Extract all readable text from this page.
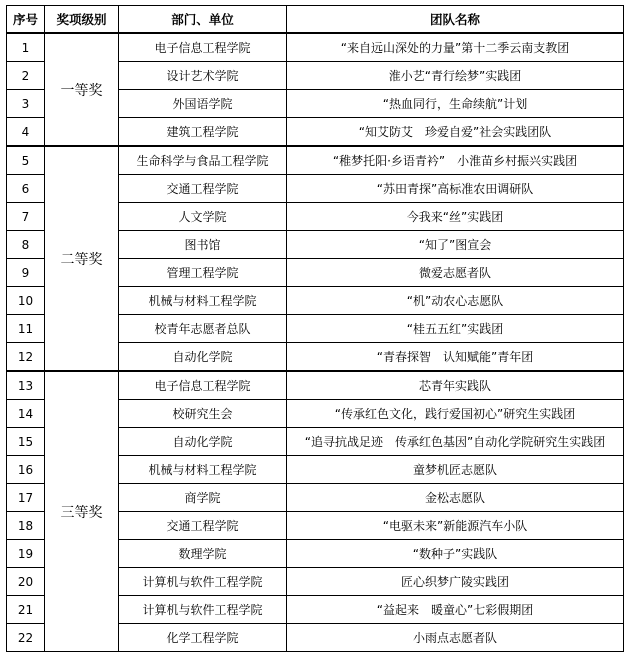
序号	奖项级别	部门、单位	团队名称
1	一等奖	电子信息工程学院	“来自远山深处的力量”第十二季云南支教团
2		设计艺术学院	淮小艺“青行绘梦”实践团
3		外国语学院	“热血同行，生命续航”计划
4		建筑工程学院	“知艾防艾　珍爱自爱”社会实践团队
5	二等奖	生命科学与食品工程学院	“稚梦托阳·乡语青衿”　小淮苗乡村振兴实践团
6		交通工程学院	“苏田青探”高标准农田调研队
7		人文学院	今我来“丝”实践团
8		图书馆	“知了”图宣会
9		管理工程学院	微爱志愿者队
10		机械与材料工程学院	“机”动农心志愿队
11		校青年志愿者总队	“桂五五红”实践团
12		自动化学院	“青春探智　认知赋能”青年团
13	三等奖	电子信息工程学院	芯青年实践队
14		校研究生会	“传承红色文化，践行爱国初心”研究生实践团
15		自动化学院	“追寻抗战足迹　传承红色基因”自动化学院研究生实践团
16		机械与材料工程学院	童梦机匠志愿队
17		商学院	金松志愿队
18		交通工程学院	“电驱未来”新能源汽车小队
19		数理学院	“数种子”实践队
20		计算机与软件工程学院	匠心织梦广陵实践团
21		计算机与软件工程学院	“益起来　暖童心”七彩假期团
22		化学工程学院	小雨点志愿者队
